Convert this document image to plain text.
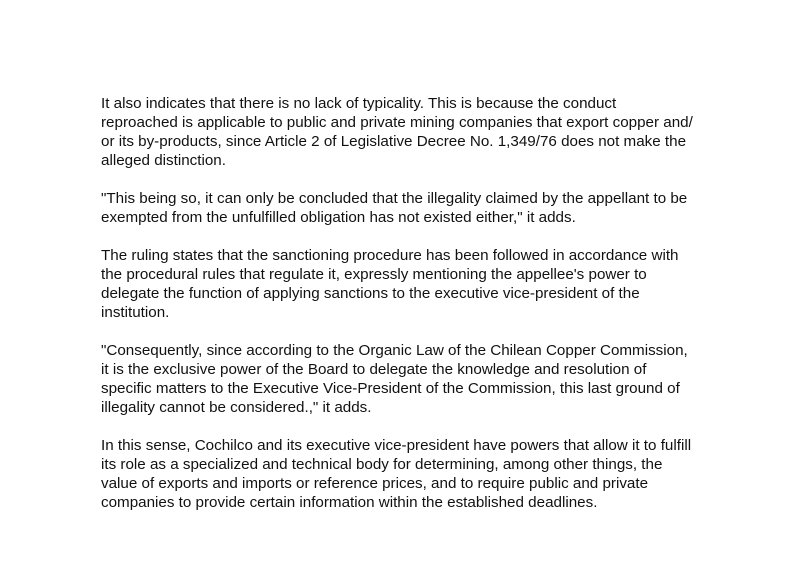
It also indicates that there is no lack of typicality. This is because the conduct
reproached is applicable to public and private mining companies that export copper and/
or its by-products, since Article 2 of Legislative Decree No. 1,349/76 does not make the
alleged distinction.

"This being so, it can only be concluded that the illegality claimed by the appellant to be
exempted from the unfulfilled obligation has not existed either," it adds.

The ruling states that the sanctioning procedure has been followed in accordance with
the procedural rules that regulate it, expressly mentioning the appellee's power to
delegate the function of applying sanctions to the executive vice-president of the
institution.

"Consequently, since according to the Organic Law of the Chilean Copper Commission,
it is the exclusive power of the Board to delegate the knowledge and resolution of
specific matters to the Executive Vice-President of the Commission, this last ground of
illegality cannot be considered.," it adds.

In this sense, Cochilco and its executive vice-president have powers that allow it to fulfill
its role as a specialized and technical body for determining, among other things, the
value of exports and imports or reference prices, and to require public and private
companies to provide certain information within the established deadlines.
